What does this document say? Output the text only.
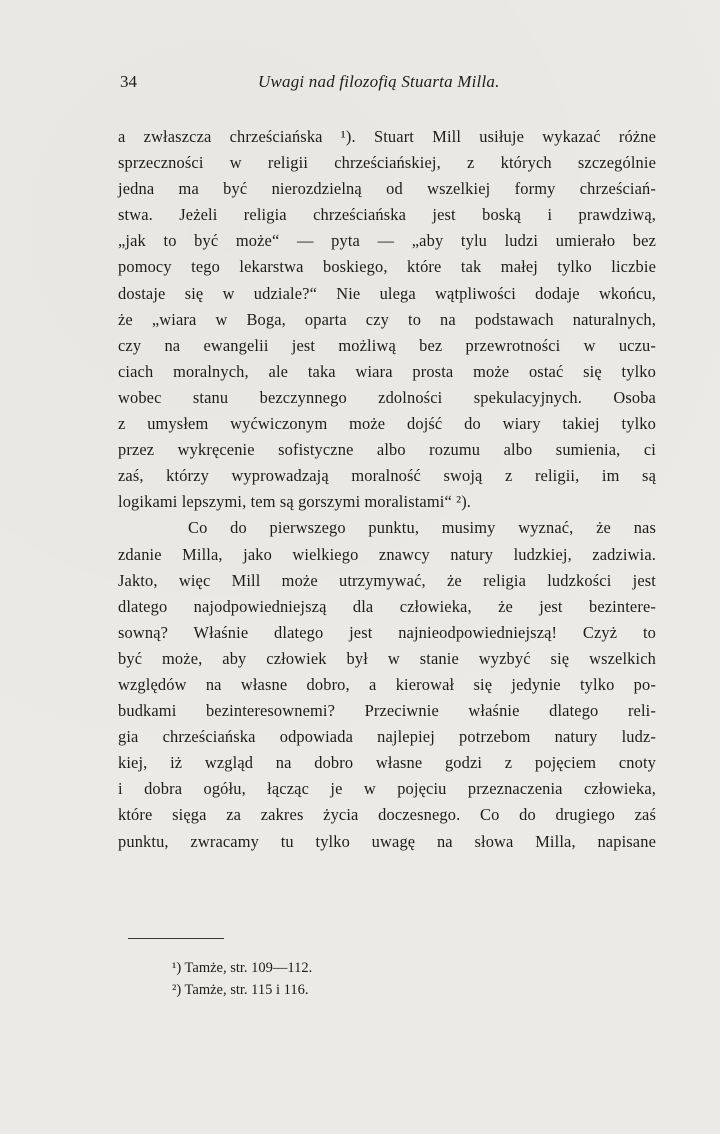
34	Uwagi nad filozofią Stuarta Milla.
a zwłaszcza chrześciańska ¹). Stuart Mill usiłuje wykazać różne
sprzeczności w religii chrześciańskiej, z których szczególnie
jedna ma być nierozdzielną od wszelkiej formy chrześciań-
stwa. Jeżeli religia chrześciańska jest boską i prawdziwą,
„jak to być może“ — pyta — „aby tylu ludzi umierało bez
pomocy tego lekarstwa boskiego, które tak małej tylko liczbie
dostaje się w udziale?“ Nie ulega wątpliwości dodaje wkońcu,
że „wiara w Boga, oparta czy to na podstawach naturalnych,
czy na ewangelii jest możliwą bez przewrotności w uczu-
ciach moralnych, ale taka wiara prosta może ostać się tylko
wobec stanu bezczynnego zdolności spekulacyjnych. Osoba
z umysłem wyćwiczonym może dojść do wiary takiej tylko
przez wykręcenie sofistyczne albo rozumu albo sumienia, ci
zaś, którzy wyprowadzają moralność swoją z religii, im są
logikami lepszymi, tem są gorszymi moralistami“ ²).
Co do pierwszego punktu, musimy wyznać, że nas
zdanie Milla, jako wielkiego znawcy natury ludzkiej, zadziwia.
Jakto, więc Mill może utrzymywać, że religia ludzkości jest
dlatego najodpowiedniejszą dla człowieka, że jest bezintere-
sowną? Właśnie dlatego jest najnieodpowiedniejszą! Czyż to
być może, aby człowiek był w stanie wyzbyć się wszelkich
względów na własne dobro, a kierował się jedynie tylko po-
budkami bezinteresownemi? Przeciwnie właśnie dlatego reli-
gia chrześciańska odpowiada najlepiej potrzebom natury ludz-
kiej, iż wzgląd na dobro własne godzi z pojęciem cnoty
i dobra ogółu, łącząc je w pojęciu przeznaczenia człowieka,
które sięga za zakres życia doczesnego. Co do drugiego zaś
punktu, zwracamy tu tylko uwagę na słowa Milla, napisane
¹) Tamże, str. 109—112.
²) Tamże, str. 115 i 116.
